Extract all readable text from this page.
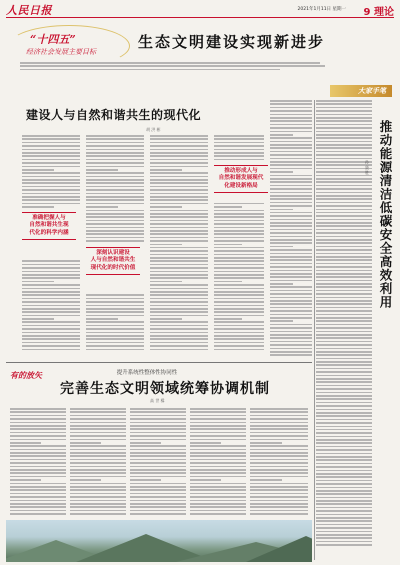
人民日报	2021年1月11日 星期一 9 理论
“十四五”
经济社会发展主要目标
生态文明建设实现新进步
大家手笔
建设人与自然和谐共生的现代化
胡 洪 彬
准确把握人与
自然和谐共生现
代化的科学内涵
深刻认识建设
人与自然和谐共生
现代化的时代价值
推动形成人与
自然和谐发展现代
化建设新格局	推动能源清洁低碳安全高效利用
孙 贤 胜
有的放矢	提升系统性整体性协同性
完善生态文明领域统筹协调机制
高 世 楫
